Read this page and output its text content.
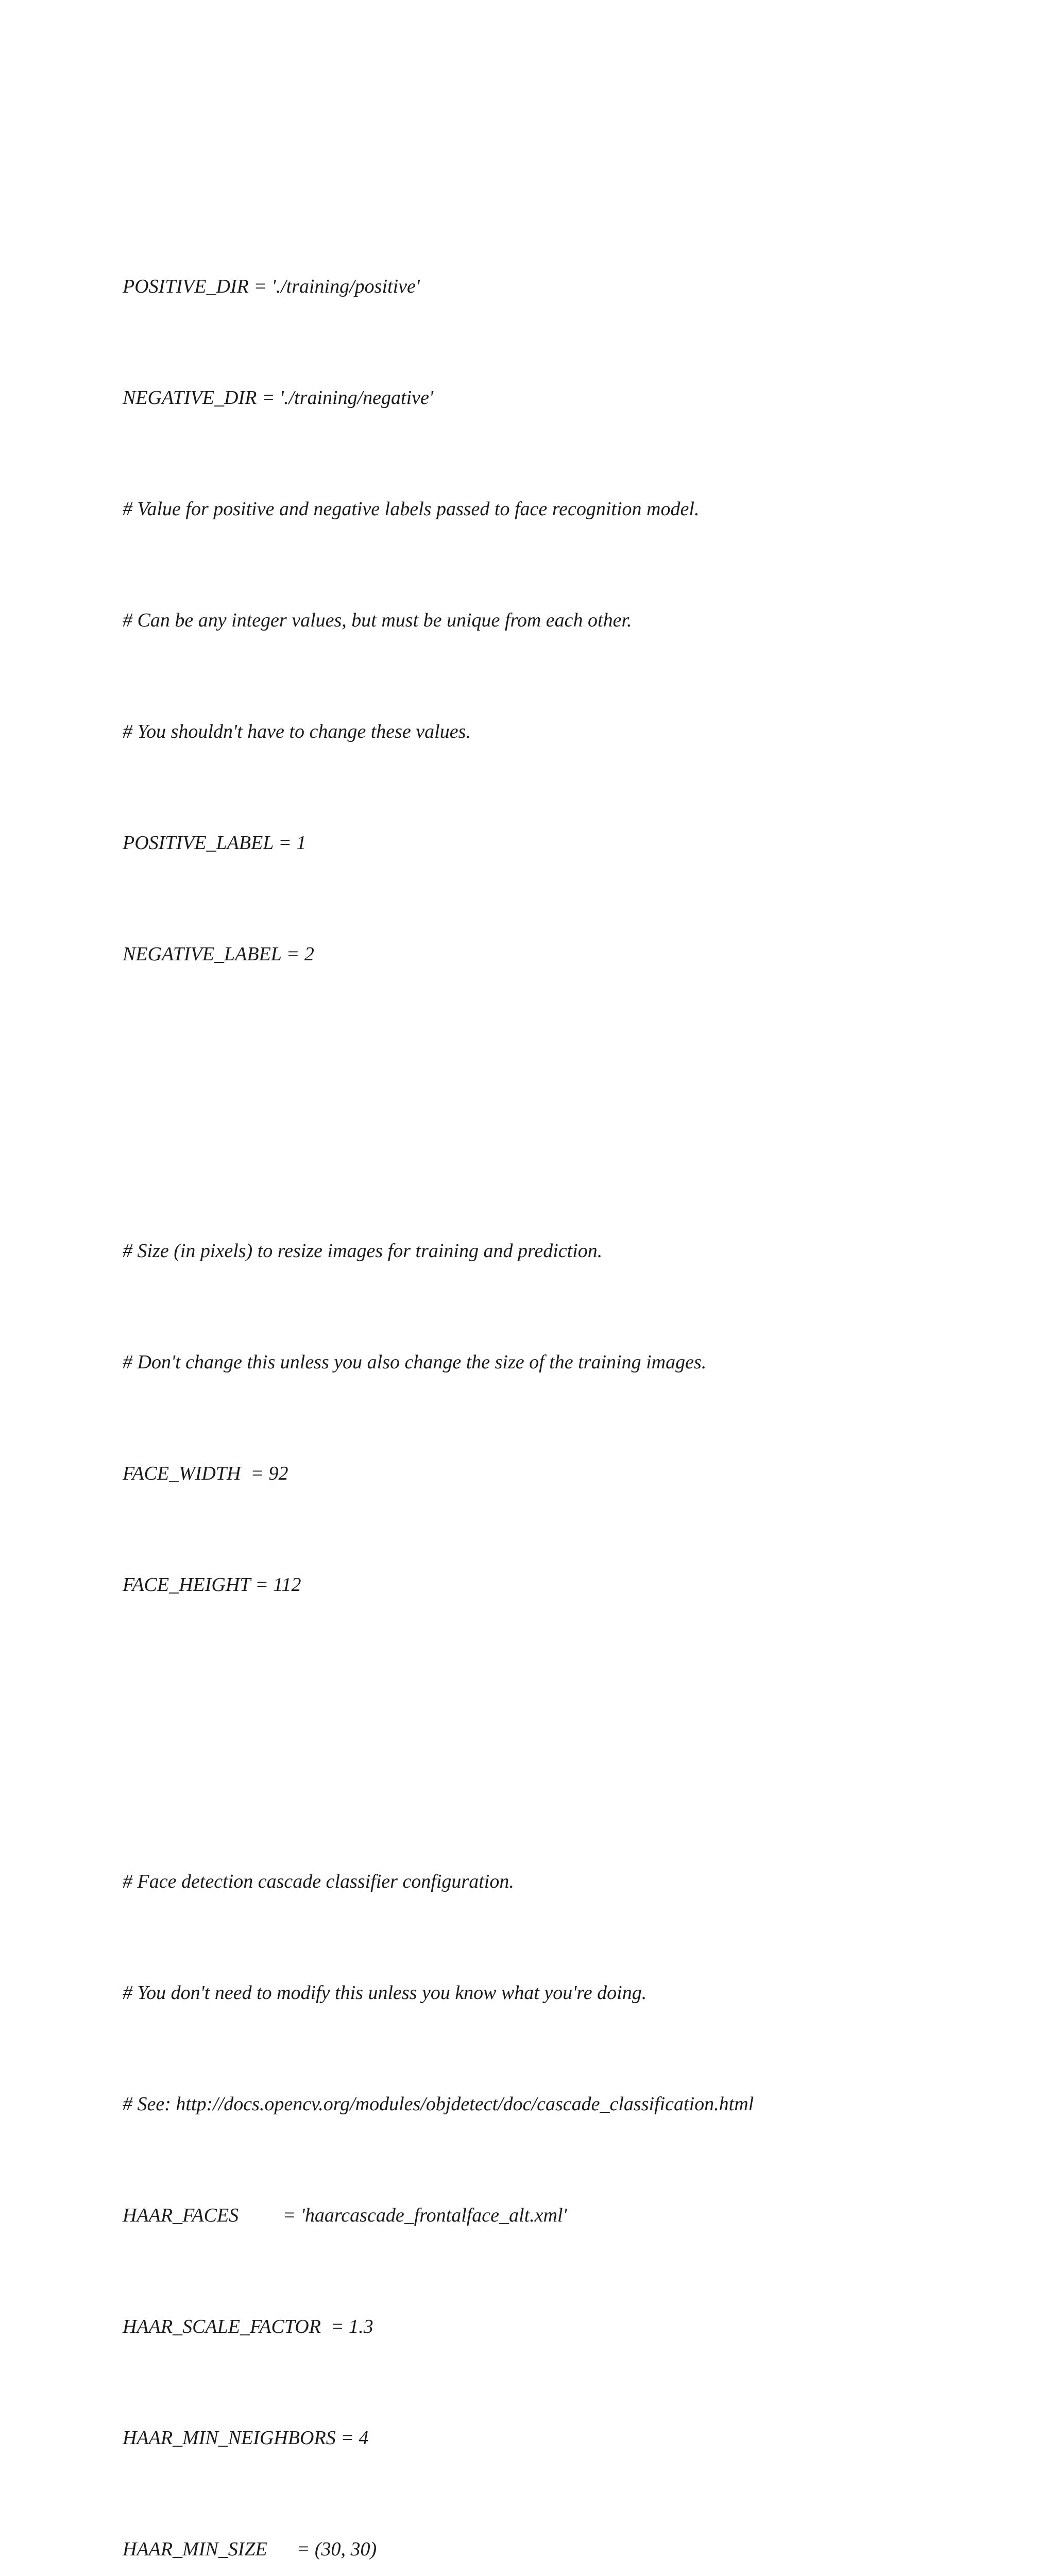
POSITIVE_DIR = './training/positive'

NEGATIVE_DIR = './training/negative'

# Value for positive and negative labels passed to face recognition model.

# Can be any integer values, but must be unique from each other.

# You shouldn't have to change these values.

POSITIVE_LABEL = 1

NEGATIVE_LABEL = 2

# Size (in pixels) to resize images for training and prediction.

# Don't change this unless you also change the size of the training images.

FACE_WIDTH  = 92

FACE_HEIGHT = 112

# Face detection cascade classifier configuration.

# You don't need to modify this unless you know what you're doing.

# See: http://docs.opencv.org/modules/objdetect/doc/cascade_classification.html

HAAR_FACES         = 'haarcascade_frontalface_alt.xml'

HAAR_SCALE_FACTOR  = 1.3

HAAR_MIN_NEIGHBORS = 4

HAAR_MIN_SIZE      = (30, 30)
